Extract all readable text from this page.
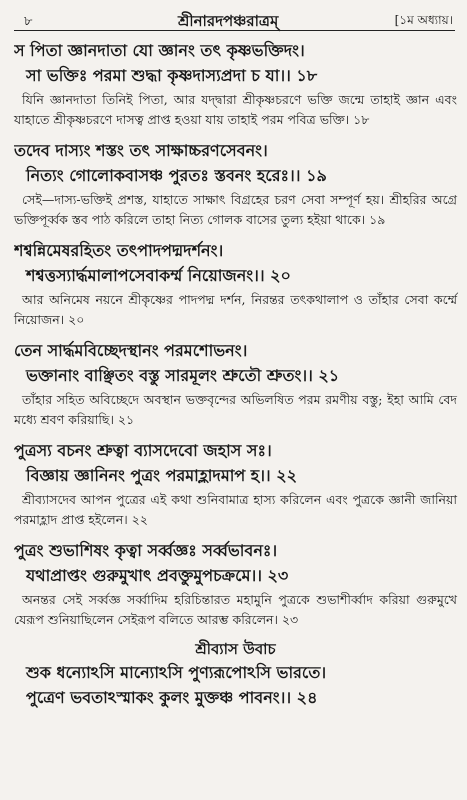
৮	শ্রীনারদপঞ্চরাত্রম্	[১ম অধ্যায়।
স পিতা জ্ঞানদাতা যো জ্ঞানং তৎ কৃষ্ণভক্তিদং।
সা ভক্তিঃ পরমা শুদ্ধা কৃষ্ণদাস্যপ্রদা চ যা।। ১৮
যিনি জ্ঞানদাতা তিনিই পিতা, আর যদ্দ্বারা শ্রীকৃষ্ণচরণে ভক্তি জন্মে তাহাই জ্ঞান এবং যাহাতে শ্রীকৃষ্ণচরণে দাসত্ব প্রাপ্ত হওয়া যায় তাহাই পরম পবিত্র ভক্তি। ১৮
তদেব দাস্যং শস্তং তৎ সাক্ষাচ্চরণসেবনং।
নিত্যং গোলোকবাসঞ্চ পুরতঃ স্তবনং হরেঃ।। ১৯
সেই—দাস্য-ভক্তিই প্রশস্ত, যাহাতে সাক্ষাৎ বিগ্রহের চরণ সেবা সম্পূর্ণ হয়। শ্রীহরির অগ্রে ভক্তিপূর্ব্বক স্তব পাঠ করিলে তাহা নিত্য গোলক বাসের তুল্য হইয়া থাকে। ১৯
শশ্বন্নিমেষরহিতং তৎপাদপদ্মদর্শনং।
শশ্বত্তস্যার্দ্ধমালাপসেবাকর্ম্ম নিয়োজনং।। ২০
আর অনিমেষ নয়নে শ্রীকৃষ্ণের পাদপদ্ম দর্শন, নিরন্তর তৎকথালাপ ও তাঁহার সেবা কর্ম্মে নিয়োজন। ২০
তেন সার্দ্ধমবিচ্ছেদস্থানং পরমশোভনং।
ভক্তানাং বাঞ্ছিতং বস্তু সারমূলং শ্রুতৌ শ্রুতং।। ২১
তাঁহার সহিত অবিচ্ছেদে অবস্থান ভক্তবৃন্দের অভিলষিত পরম রমণীয় বস্তু; ইহা আমি বেদ মধ্যে শ্রবণ করিয়াছি। ২১
পুত্রস্য বচনং শ্রুত্বা ব্যাসদেবো জহাস সঃ।
বিজ্ঞায় জ্ঞানিনং পুত্রং পরমাহ্লাদমাপ হ।। ২২
শ্রীব্যাসদেব আপন পুত্রের এই কথা শুনিবামাত্র হাস্য করিলেন এবং পুত্রকে জ্ঞানী জানিয়া পরমাহ্লাদ প্রাপ্ত হইলেন। ২২
পুত্রং শুভাশিষং কৃত্বা সর্ব্বজ্ঞঃ সর্ব্বভাবনঃ।
যথাপ্রাপ্তং গুরুমুখাৎ প্রবক্তুমুপচক্রমে।। ২৩
অনন্তর সেই সর্ব্বজ্ঞ সর্ব্বাদিম হরিচিন্তারত মহামুনি পুত্রকে শুভাশীর্ব্বাদ করিয়া গুরুমুখে যেরূপ শুনিয়াছিলেন সেইরূপ বলিতে আরম্ভ করিলেন। ২৩
শ্রীব্যাস উবাচ
শুক ধন্যোঽসি মান্যোঽসি পুণ্যরূপোঽসি ভারতে।
পুত্রেণ ভবতাঽস্মাকং কুলং মুক্তঞ্চ পাবনং।। ২৪
